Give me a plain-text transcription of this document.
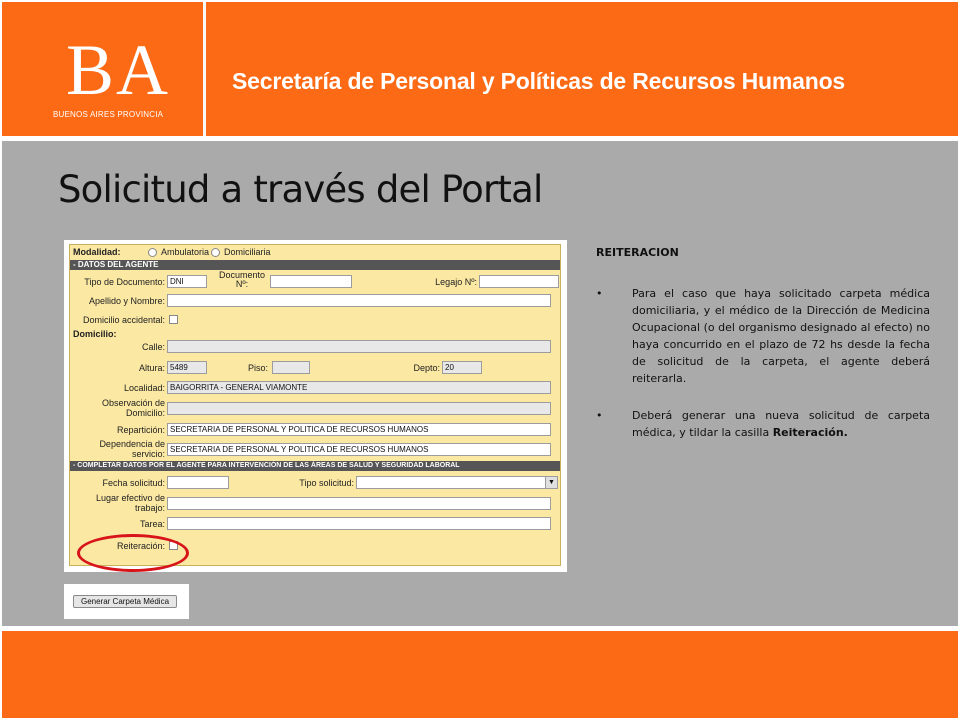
BA
BUENOS AIRES PROVINCIA
Secretaría de Personal y Políticas de Recursos Humanos
Solicitud a través del Portal
Modalidad:	Ambulatoria Domiciliaria
- DATOS DEL AGENTE
Tipo de Documento: DNI
Documento
Nº:	Legajo Nº:
Apellido y Nombre:
Domicilio accidental:
Domicilio:
Calle:
Altura: 5489	Piso:	Depto: 20
Localidad: BAIGORRITA - GENERAL VIAMONTE
Observación de
Domicilio:
Repartición: SECRETARIA DE PERSONAL Y POLITICA DE RECURSOS HUMANOS
Dependencia de
servicio: SECRETARIA DE PERSONAL Y POLITICA DE RECURSOS HUMANOS
- COMPLETAR DATOS POR EL AGENTE PARA INTERVENCIÓN DE LAS ÁREAS DE SALUD Y SEGURIDAD LABORAL
Fecha solicitud:	Tipo solicitud:	▼
Lugar efectivo de
trabajo:
Tarea:
Reiteración:
Generar Carpeta Médica
REITERACION
•	Para el caso que haya solicitado carpeta médica domiciliaria, y el médico de la Dirección de Medicina Ocupacional (o del organismo designado al efecto) no haya concurrido en el plazo de 72 hs desde la fecha de solicitud de la carpeta, el agente deberá reiterarla.
•	Deberá generar una nueva solicitud de carpeta médica, y tildar la casilla Reiteración.
